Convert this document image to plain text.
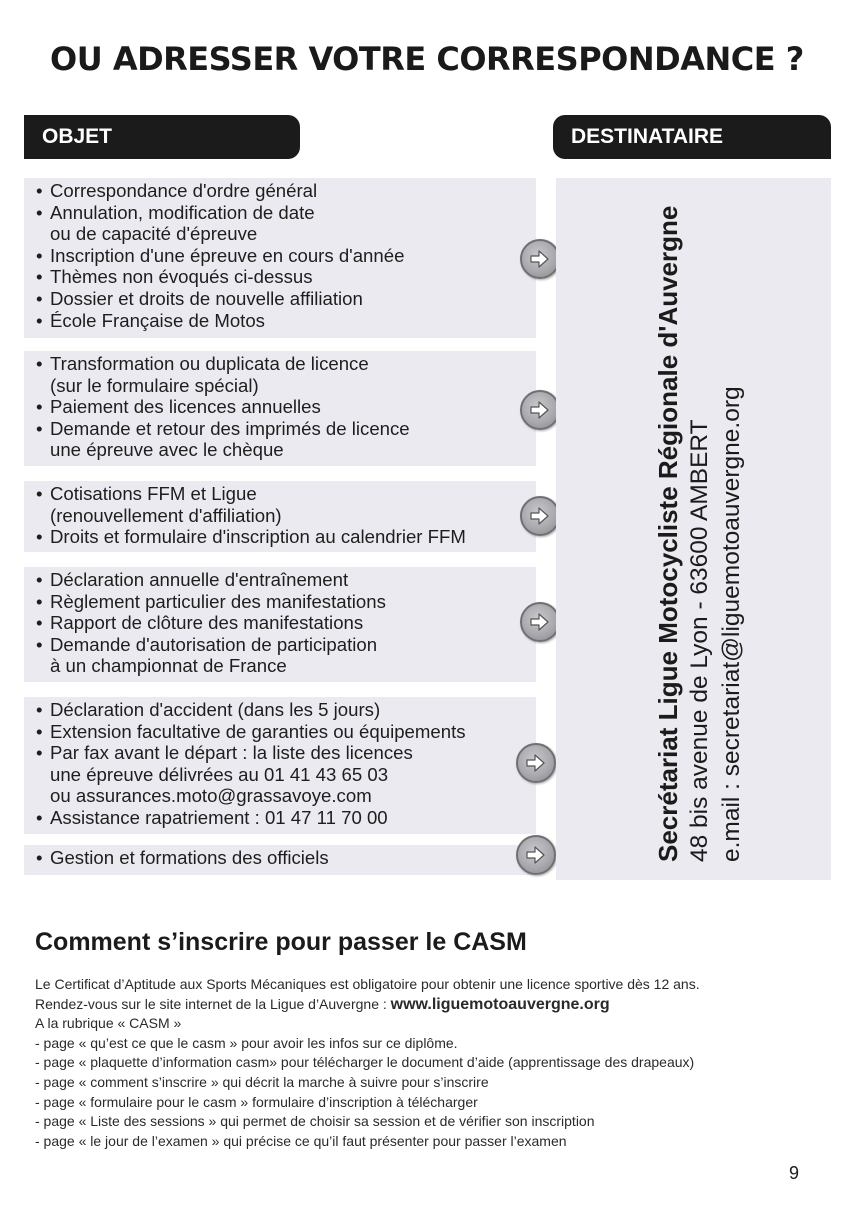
OU ADRESSER VOTRE CORRESPONDANCE ?
OBJET	DESTINATAIRE
• Correspondance d'ordre général
• Annulation, modification de date
ou de capacité d'épreuve
• Inscription d'une épreuve en cours d'année
• Thèmes non évoqués ci-dessus
• Dossier et droits de nouvelle affiliation
• École Française de Motos
• Transformation ou duplicata de licence
(sur le formulaire spécial)
• Paiement des licences annuelles
• Demande et retour des imprimés de licence
une épreuve avec le chèque
• Cotisations FFM et Ligue
(renouvellement d'affiliation)
• Droits et formulaire d'inscription au calendrier FFM
• Déclaration annuelle d'entraînement
• Règlement particulier des manifestations
• Rapport de clôture des manifestations
• Demande d'autorisation de participation
à un championnat de France
• Déclaration d'accident (dans les 5 jours)
• Extension facultative de garanties ou équipements
• Par fax avant le départ : la liste des licences
une épreuve délivrées au 01 41 43 65 03
ou assurances.moto@grassavoye.com
• Assistance rapatriement : 01 47 11 70 00
• Gestion et formations des officiels	Secrétariat Ligue Motocycliste Régionale d'Auvergne 48 bis avenue de Lyon - 63600 AMBERT e.mail : secretariat@liguemotoauvergne.org
Comment s’inscrire pour passer le CASM

Le Certificat d’Aptitude aux Sports Mécaniques est obligatoire pour obtenir une licence sportive dès 12 ans.

Rendez-vous sur le site internet de la Ligue d’Auvergne : www.liguemotoauvergne.org

A la rubrique « CASM »

- page « qu’est ce que le casm » pour avoir les infos sur ce diplôme.

- page « plaquette d’information casm» pour télécharger le document d’aide (apprentissage des drapeaux)

- page « comment s’inscrire » qui décrit la marche à suivre pour s’inscrire

- page « formulaire pour le casm » formulaire d’inscription à télécharger

- page « Liste des sessions » qui permet de choisir sa session et de vérifier son inscription

- page « le jour de l’examen » qui précise ce qu’il faut présenter pour passer l’examen

9
